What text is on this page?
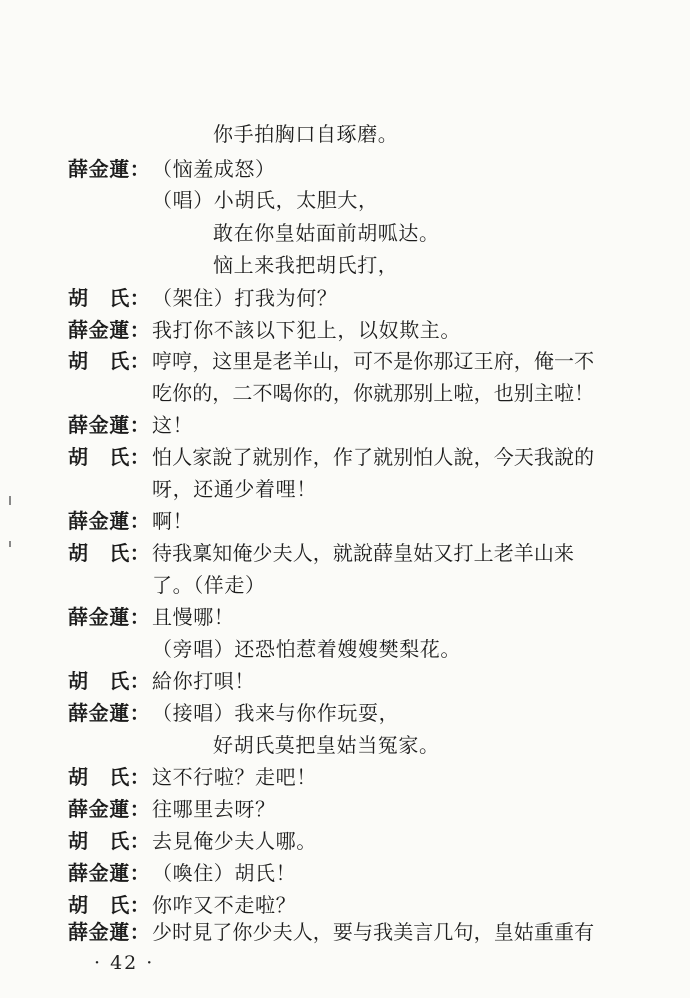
你手拍胸口自琢磨。
薛金蓮： （恼羞成怒）
（唱）小胡氏，太胆大，
敢在你皇姑面前胡呱达。
恼上来我把胡氏打，
胡　氏： （架住）打我为何？
薛金蓮： 我打你不該以下犯上，以奴欺主。
胡　氏： 哼哼，这里是老羊山，可不是你那辽王府，俺一不
吃你的，二不喝你的，你就那别上啦，也别主啦！
薛金蓮： 这！
胡　氏： 怕人家說了就别作，作了就别怕人說，今天我說的
呀，还通少着哩！
薛金蓮： 啊！
胡　氏： 待我稟知俺少夫人，就說薛皇姑又打上老羊山来
了。（佯走）
薛金蓮： 且慢哪！
（旁唱）还恐怕惹着嫂嫂樊梨花。
胡　氏： 給你打唄！
薛金蓮： （接唱）我来与你作玩耍，
好胡氏莫把皇姑当冤家。
胡　氏： 这不行啦？走吧！
薛金蓮： 往哪里去呀？
胡　氏： 去見俺少夫人哪。
薛金蓮： （喚住）胡氏！
胡　氏： 你咋又不走啦？
薛金蓮： 少时見了你少夫人，要与我美言几句，皇姑重重有
· 42 ·
